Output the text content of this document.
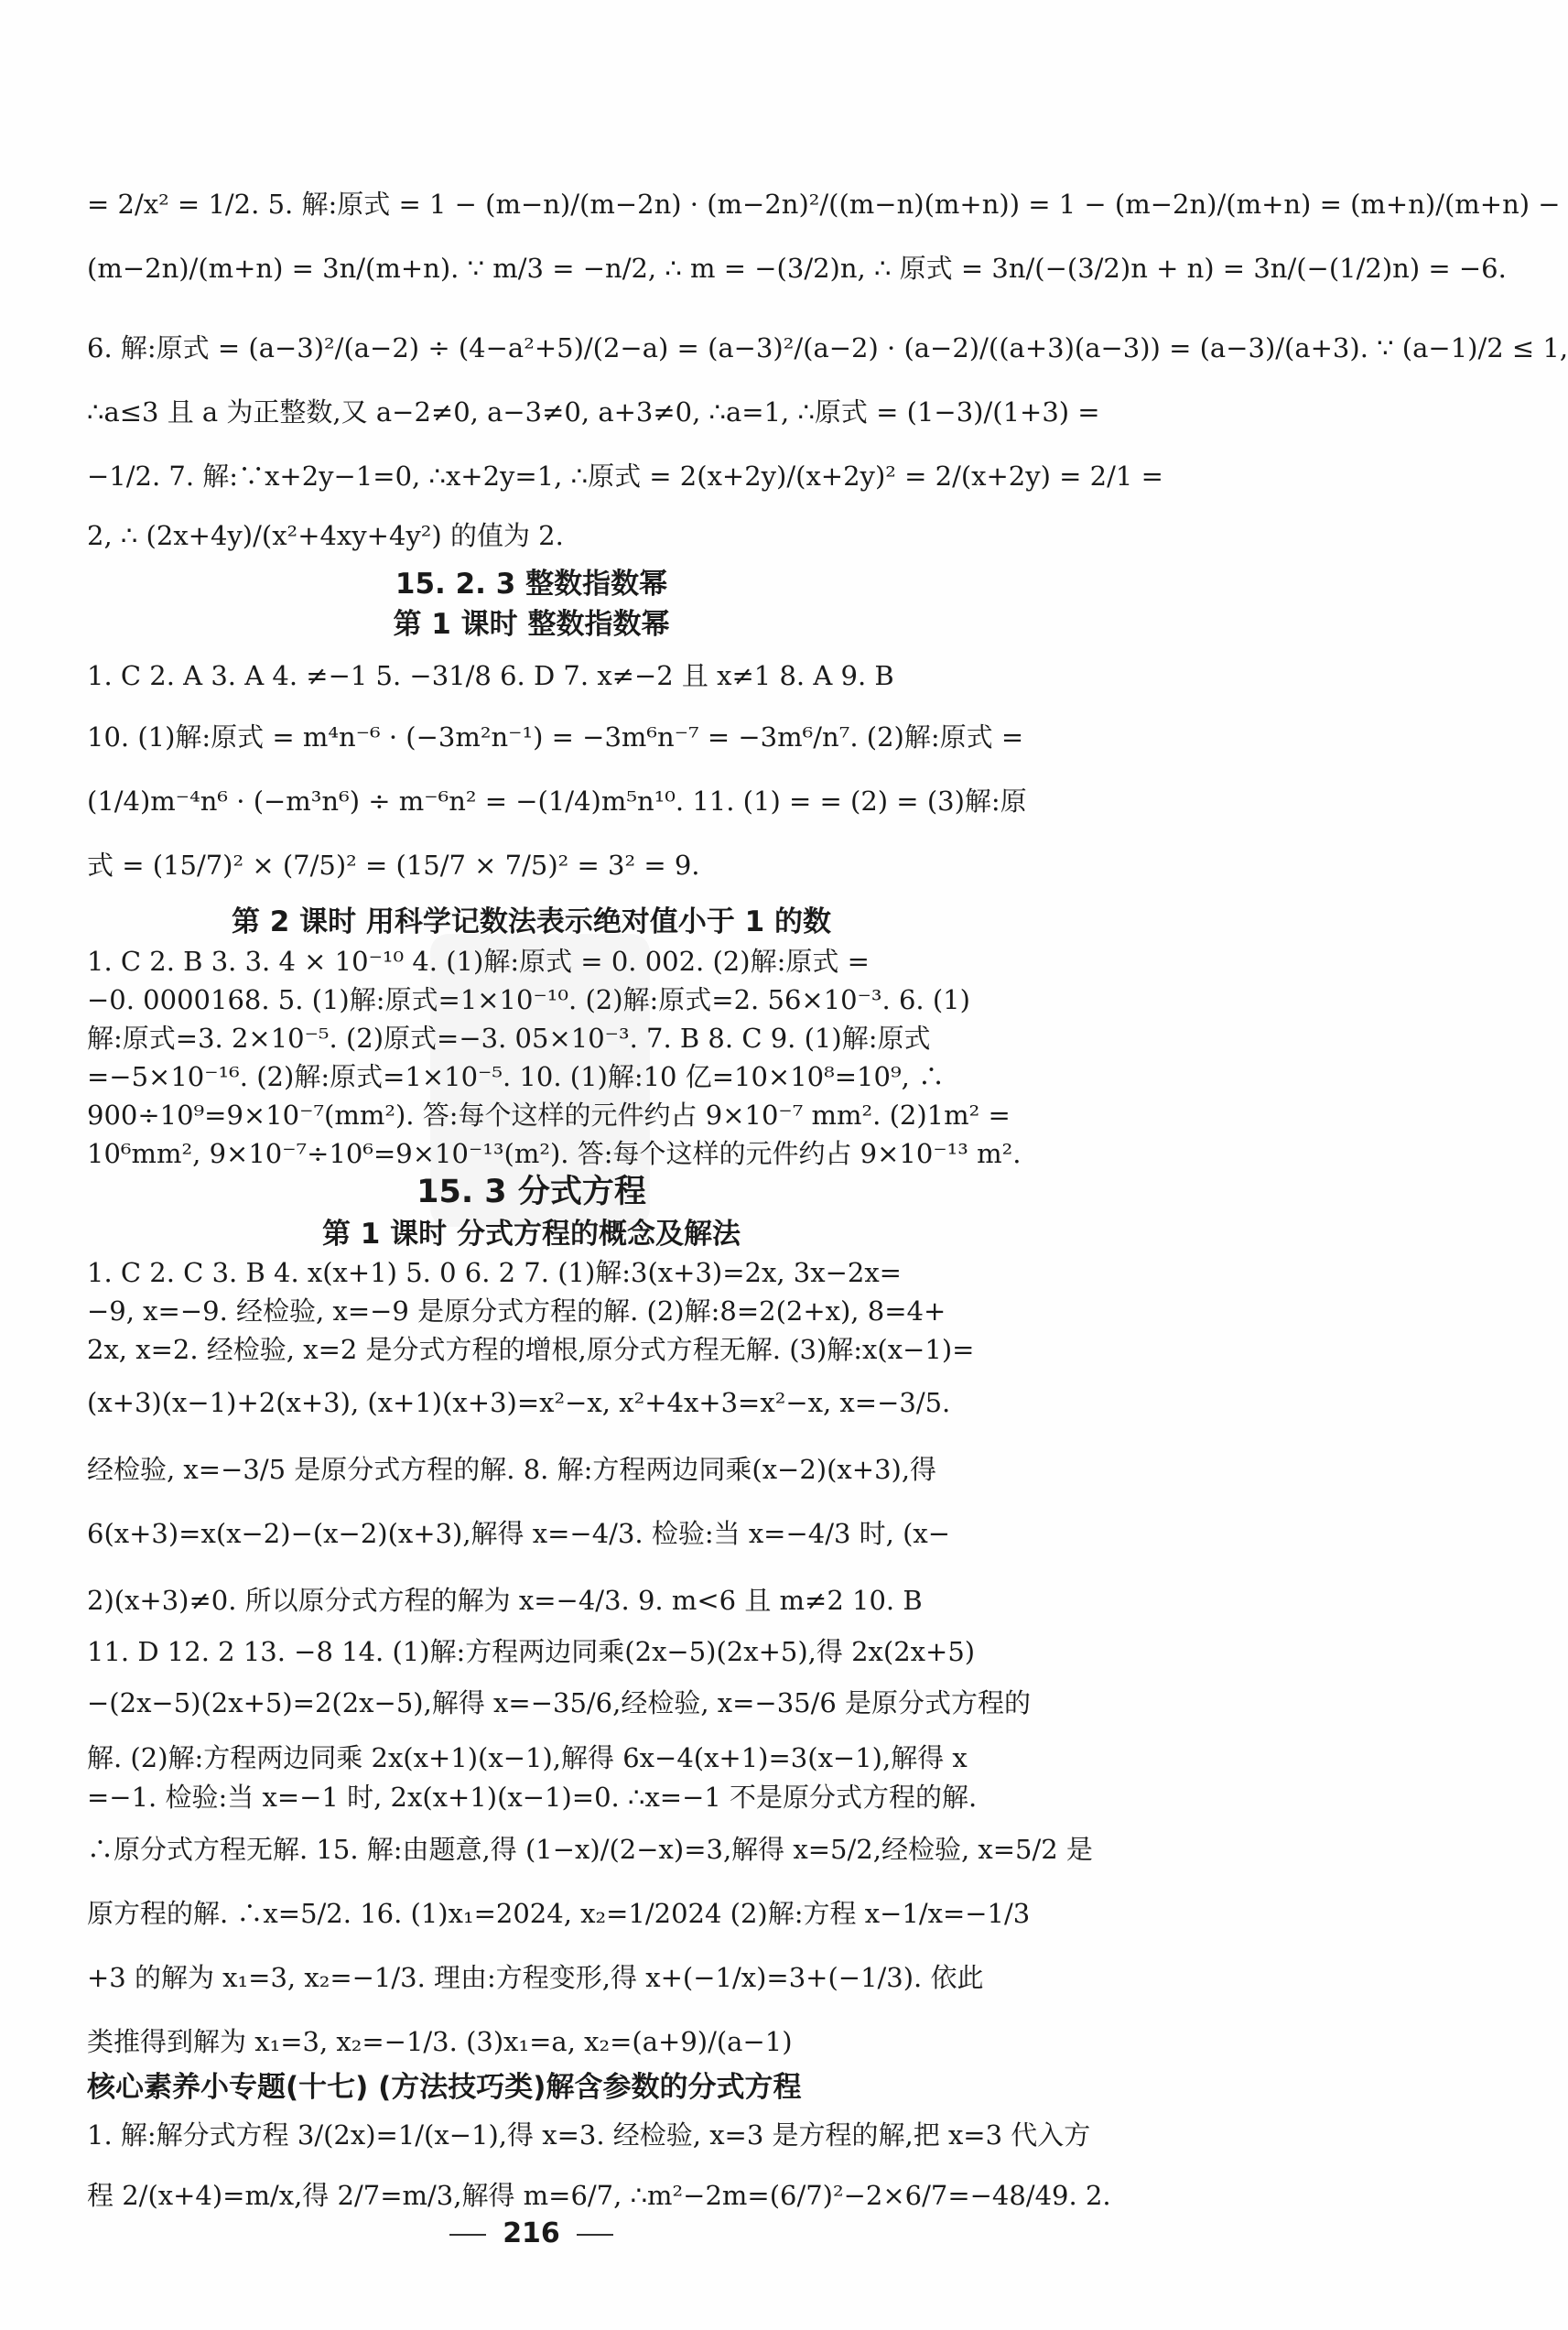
= 2/x² = 1/2. 5. 解:原式 = 1 − (m−n)/(m−2n) · (m−2n)²/((m−n)(m+n)) = 1 − (m−2n)/(m+n) = (m+n)/(m+n) −
(m−2n)/(m+n) = 3n/(m+n). ∵ m/3 = −n/2, ∴ m = −(3/2)n, ∴ 原式 = 3n/(−(3/2)n + n) = 3n/(−(1/2)n) = −6.
6. 解:原式 = (a−3)²/(a−2) ÷ (4−a²+5)/(2−a) = (a−3)²/(a−2) · (a−2)/((a+3)(a−3)) = (a−3)/(a+3). ∵ (a−1)/2 ≤ 1,
∴a≤3 且 a 为正整数,又 a−2≠0, a−3≠0, a+3≠0, ∴a=1, ∴原式 = (1−3)/(1+3) =
−1/2. 7. 解:∵x+2y−1=0, ∴x+2y=1, ∴原式 = 2(x+2y)/(x+2y)² = 2/(x+2y) = 2/1 =
2, ∴ (2x+4y)/(x²+4xy+4y²) 的值为 2.
15. 2. 3 整数指数幂
第 1 课时 整数指数幂
1. C 2. A 3. A 4. ≠−1 5. −31/8 6. D 7. x≠−2 且 x≠1 8. A 9. B
10. (1)解:原式 = m⁴n⁻⁶ · (−3m²n⁻¹) = −3m⁶n⁻⁷ = −3m⁶/n⁷. (2)解:原式 =
(1/4)m⁻⁴n⁶ · (−m³n⁶) ÷ m⁻⁶n² = −(1/4)m⁵n¹⁰. 11. (1) = = (2) = (3)解:原
式 = (15/7)² × (7/5)² = (15/7 × 7/5)² = 3² = 9.
第 2 课时 用科学记数法表示绝对值小于 1 的数
1. C 2. B 3. 3. 4 × 10⁻¹⁰ 4. (1)解:原式 = 0. 002. (2)解:原式 =
−0. 0000168. 5. (1)解:原式=1×10⁻¹⁰. (2)解:原式=2. 56×10⁻³. 6. (1)
解:原式=3. 2×10⁻⁵. (2)原式=−3. 05×10⁻³. 7. B 8. C 9. (1)解:原式
=−5×10⁻¹⁶. (2)解:原式=1×10⁻⁵. 10. (1)解:10 亿=10×10⁸=10⁹, ∴
900÷10⁹=9×10⁻⁷(mm²). 答:每个这样的元件约占 9×10⁻⁷ mm². (2)1m² =
10⁶mm², 9×10⁻⁷÷10⁶=9×10⁻¹³(m²). 答:每个这样的元件约占 9×10⁻¹³ m².
15. 3 分式方程
第 1 课时 分式方程的概念及解法
1. C 2. C 3. B 4. x(x+1) 5. 0 6. 2 7. (1)解:3(x+3)=2x, 3x−2x=
−9, x=−9. 经检验, x=−9 是原分式方程的解. (2)解:8=2(2+x), 8=4+
2x, x=2. 经检验, x=2 是分式方程的增根,原分式方程无解. (3)解:x(x−1)=
(x+3)(x−1)+2(x+3), (x+1)(x+3)=x²−x, x²+4x+3=x²−x, x=−3/5.
经检验, x=−3/5 是原分式方程的解. 8. 解:方程两边同乘(x−2)(x+3),得
6(x+3)=x(x−2)−(x−2)(x+3),解得 x=−4/3. 检验:当 x=−4/3 时, (x−
2)(x+3)≠0. 所以原分式方程的解为 x=−4/3. 9. m<6 且 m≠2 10. B
11. D 12. 2 13. −8 14. (1)解:方程两边同乘(2x−5)(2x+5),得 2x(2x+5)
−(2x−5)(2x+5)=2(2x−5),解得 x=−35/6,经检验, x=−35/6 是原分式方程的
解. (2)解:方程两边同乘 2x(x+1)(x−1),解得 6x−4(x+1)=3(x−1),解得 x
=−1. 检验:当 x=−1 时, 2x(x+1)(x−1)=0. ∴x=−1 不是原分式方程的解.
∴原分式方程无解. 15. 解:由题意,得 (1−x)/(2−x)=3,解得 x=5/2,经检验, x=5/2 是
原方程的解. ∴x=5/2. 16. (1)x₁=2024, x₂=1/2024 (2)解:方程 x−1/x=−1/3
+3 的解为 x₁=3, x₂=−1/3. 理由:方程变形,得 x+(−1/x)=3+(−1/3). 依此
类推得到解为 x₁=3, x₂=−1/3. (3)x₁=a, x₂=(a+9)/(a−1)
核心素养小专题(十七) (方法技巧类)解含参数的分式方程
1. 解:解分式方程 3/(2x)=1/(x−1),得 x=3. 经检验, x=3 是方程的解,把 x=3 代入方
程 2/(x+4)=m/x,得 2/7=m/3,解得 m=6/7, ∴m²−2m=(6/7)²−2×6/7=−48/49. 2.
216
